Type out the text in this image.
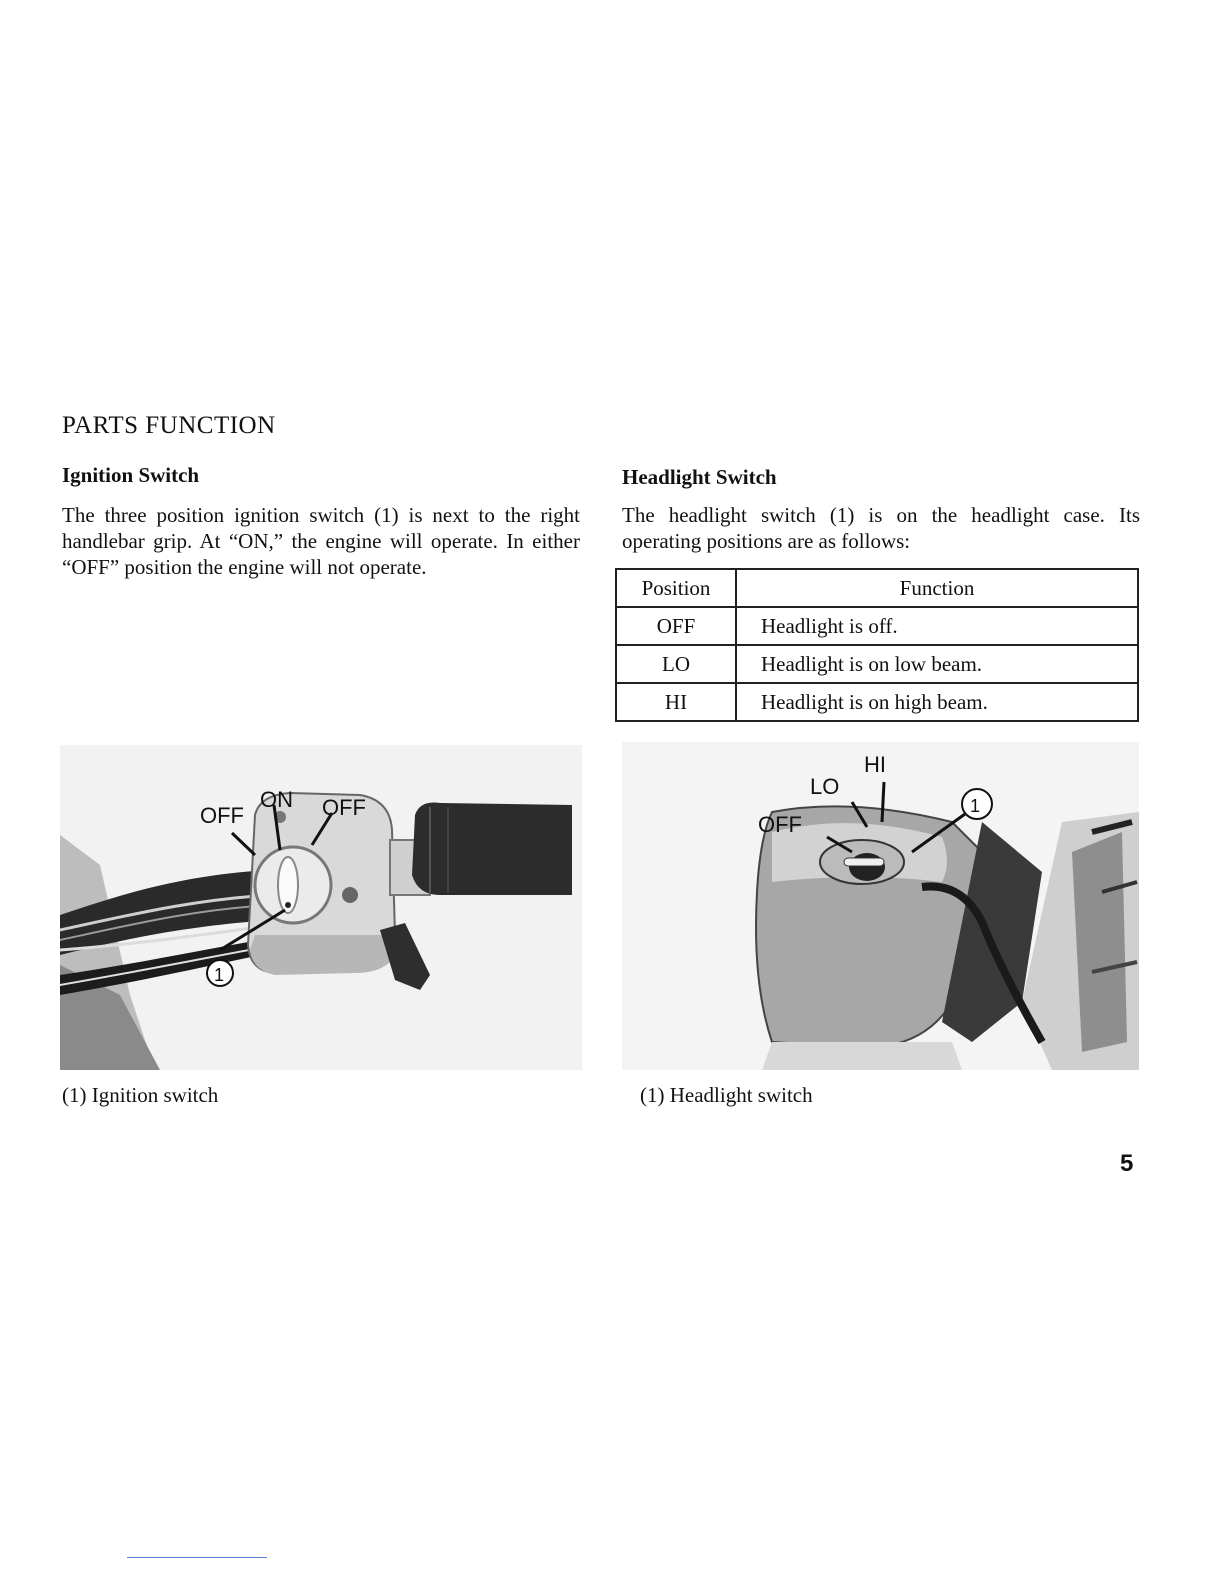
PARTS FUNCTION
Ignition Switch

The three position ignition switch (1) is next to the right handlebar grip. At “ON,” the engine will operate. In either “OFF” position the engine will not operate.

Headlight Switch

The headlight switch (1) is on the headlight case. Its operating positions are as follows:

Position	Function
OFF	Headlight is off.
LO	Headlight is on low beam.
HI	Headlight is on high beam.
OFF
ON OFF
1

(1) Ignition switch

HI
LO
OFF
1

(1) Headlight switch

5
